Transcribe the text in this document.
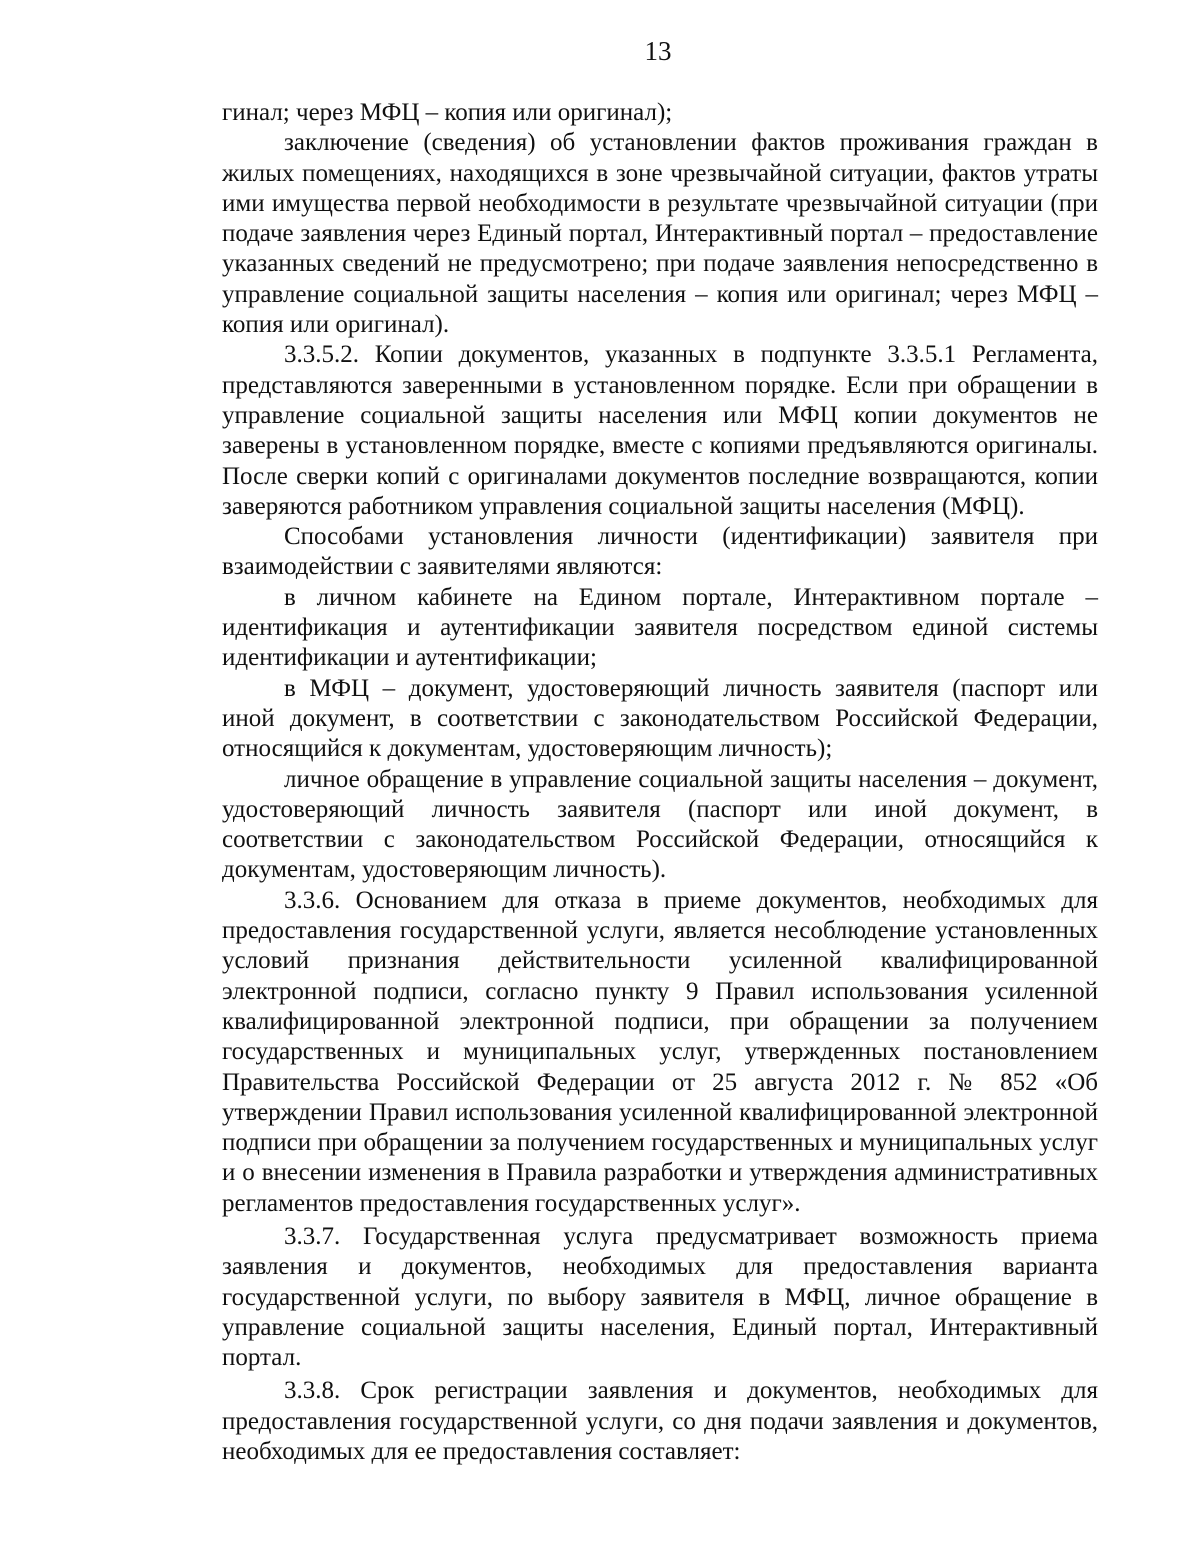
13

гинал; через МФЦ – копия или оригинал);

заключение (сведения) об установлении фактов проживания граждан в жилых помещениях, находящихся в зоне чрезвычайной ситуации, фактов утраты ими имущества первой необходимости в результате чрезвычайной ситуации (при подаче заявления через Единый портал, Интерактивный портал – предоставление указанных сведений не предусмотрено; при подаче заявления непосредственно в управление социальной защиты населения – копия или оригинал; через МФЦ – копия или оригинал).

3.3.5.2. Копии документов, указанных в подпункте 3.3.5.1 Регламента, представляются заверенными в установленном порядке. Если при обращении в управление социальной защиты населения или МФЦ копии документов не заверены в установленном порядке, вместе с копиями предъявляются оригиналы. После сверки копий с оригиналами документов последние возвращаются, копии заверяются работником управления социальной защиты населения (МФЦ).

Способами установления личности (идентификации) заявителя при взаимодействии с заявителями являются:

в личном кабинете на Едином портале, Интерактивном портале – идентификация и аутентификации заявителя посредством единой системы идентификации и аутентификации;

в МФЦ – документ, удостоверяющий личность заявителя (паспорт или иной документ, в соответствии с законодательством Российской Федерации, относящийся к документам, удостоверяющим личность);

личное обращение в управление социальной защиты населения – документ, удостоверяющий личность заявителя (паспорт или иной документ, в соответствии с законодательством Российской Федерации, относящийся к документам, удостоверяющим личность).

3.3.6. Основанием для отказа в приеме документов, необходимых для предоставления государственной услуги, является несоблюдение установленных условий признания действительности усиленной квалифицированной электронной подписи, согласно пункту 9 Правил использования усиленной квалифицированной электронной подписи, при обращении за получением государственных и муниципальных услуг, утвержденных постановлением Правительства Российской Федерации от 25 августа 2012 г. № 852 «Об утверждении Правил использования усиленной квалифицированной электронной подписи при обращении за получением государственных и муниципальных услуг и о внесении изменения в Правила разработки и утверждения административных регламентов предоставления государственных услуг».

3.3.7. Государственная услуга предусматривает возможность приема заявления и документов, необходимых для предоставления варианта государственной услуги, по выбору заявителя в МФЦ, личное обращение в управление социальной защиты населения, Единый портал, Интерактивный портал.

3.3.8. Срок регистрации заявления и документов, необходимых для предоставления государственной услуги, со дня подачи заявления и документов, необходимых для ее предоставления составляет:
